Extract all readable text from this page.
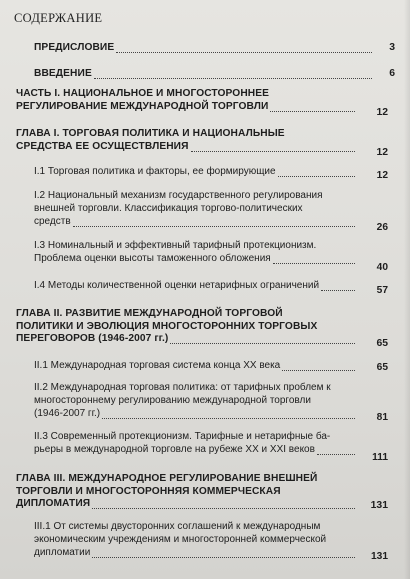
СОДЕРЖАНИЕ
ПРЕДИСЛОВИЕ	3
ВВЕДЕНИЕ	6
ЧАСТЬ I. НАЦИОНАЛЬНОЕ И МНОГОСТОРОННЕЕ
РЕГУЛИРОВАНИЕ МЕЖДУНАРОДНОЙ ТОРГОВЛИ
12
ГЛАВА I. ТОРГОВАЯ ПОЛИТИКА И НАЦИОНАЛЬНЫЕ
СРЕДСТВА ЕЕ ОСУЩЕСТВЛЕНИЯ
12
I.1 Торговая политика и факторы, ее формирующие	12
I.2 Национальный механизм государственного регулирования
внешней торговли. Классификация торгово-политических
средств
26
I.3 Номинальный и эффективный тарифный протекционизм.
Проблема оценки высоты таможенного обложения
40
I.4 Методы количественной оценки нетарифных ограничений	57
ГЛАВА II. РАЗВИТИЕ МЕЖДУНАРОДНОЙ ТОРГОВОЙ
ПОЛИТИКИ И ЭВОЛЮЦИЯ МНОГОСТОРОННИХ ТОРГОВЫХ
ПЕРЕГОВОРОВ (1946-2007 гг.)	65
II.1 Международная торговая система конца XX века	65
II.2 Международная торговая политика: от тарифных проблем к
многостороннему регулированию международной торговли
(1946-2007 гг.)	81
II.3 Современный протекционизм. Тарифные и нетарифные ба-
рьеры в международной торговле на рубеже XX и XXI веков
111
ГЛАВА III. МЕЖДУНАРОДНОЕ РЕГУЛИРОВАНИЕ ВНЕШНЕЙ
ТОРГОВЛИ И МНОГОСТОРОННЯЯ КОММЕРЧЕСКАЯ
ДИПЛОМАТИЯ	131
III.1 От системы двусторонних соглашений к международным
экономическим учреждениям и многосторонней коммерческой
дипломатии	131
